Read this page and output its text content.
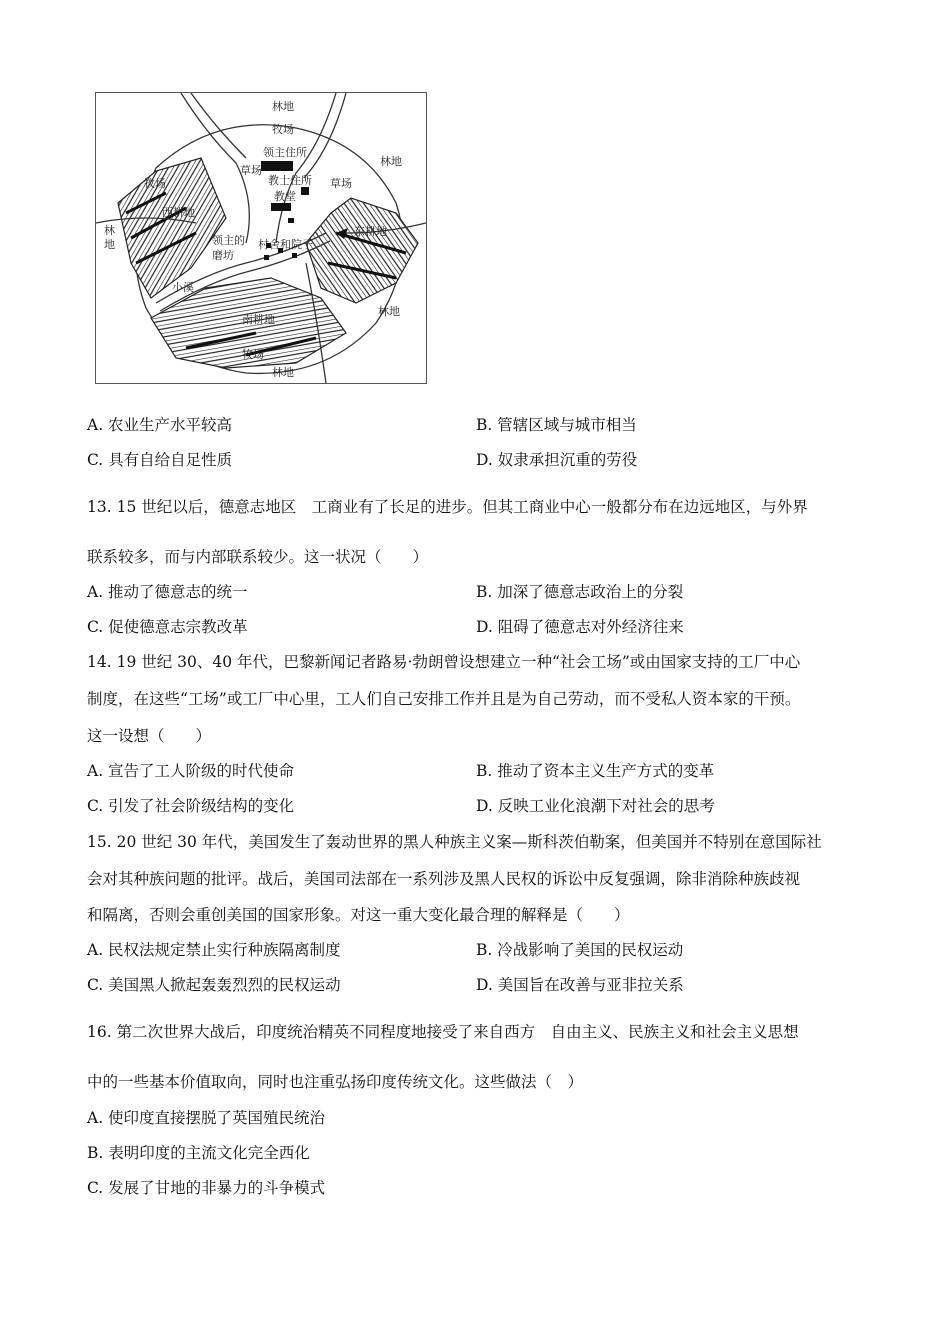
林地
牧场
领主住所
林地
草场
教士住所 草场
牧场
教堂
西耕地
东耕地
林
地	领主的
磨坊
村舍和院子
小溪
林地
南耕地
牧场
林地
A. 农业生产水平较高	B. 管辖区域与城市相当
C. 具有自给自足性质	D. 奴隶承担沉重的劳役
13. 15 世纪以后，德意志地区　工商业有了长足的进步。但其工商业中心一般都分布在边远地区，与外界
联系较多，而与内部联系较少。这一状况（　　）
A. 推动了德意志的统一	B. 加深了德意志政治上的分裂
C. 促使德意志宗教改革	D. 阻碍了德意志对外经济往来
14. 19 世纪 30、40 年代，巴黎新闻记者路易·勃朗曾设想建立一种“社会工场”或由国家支持的工厂中心
制度，在这些“工场”或工厂中心里，工人们自己安排工作并且是为自己劳动，而不受私人资本家的干预。
这一设想（　　）
A. 宣告了工人阶级的时代使命	B. 推动了资本主义生产方式的变革
C. 引发了社会阶级结构的变化	D. 反映工业化浪潮下对社会的思考
15. 20 世纪 30 年代，美国发生了轰动世界的黑人种族主义案—斯科茨伯勒案，但美国并不特别在意国际社
会对其种族问题的批评。战后，美国司法部在一系列涉及黑人民权的诉讼中反复强调，除非消除种族歧视
和隔离，否则会重创美国的国家形象。对这一重大变化最合理的解释是（　　）
A. 民权法规定禁止实行种族隔离制度	B. 冷战影响了美国的民权运动
C. 美国黑人掀起轰轰烈烈的民权运动	D. 美国旨在改善与亚非拉关系
16. 第二次世界大战后，印度统治精英不同程度地接受了来自西方　自由主义、民族主义和社会主义思想
中的一些基本价值取向，同时也注重弘扬印度传统文化。这些做法（　）
A. 使印度直接摆脱了英国殖民统治
B. 表明印度的主流文化完全西化
C. 发展了甘地的非暴力的斗争模式
